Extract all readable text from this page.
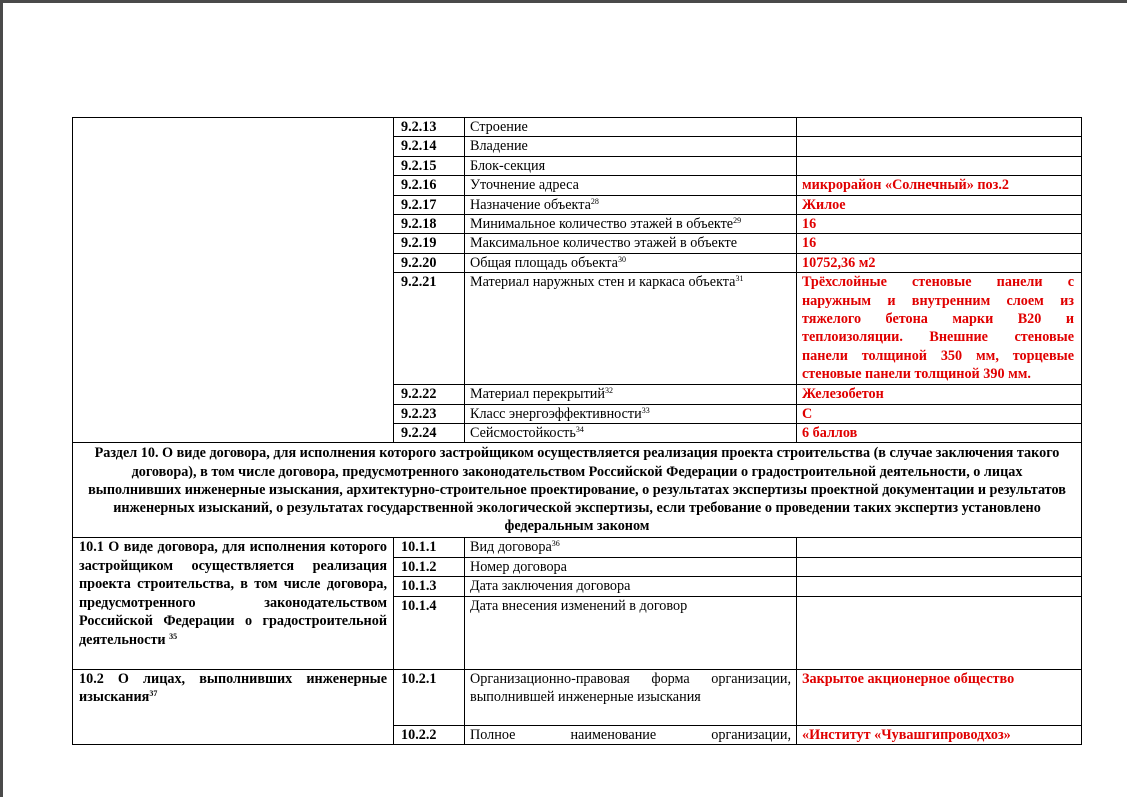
	9.2.13	Строение	
	9.2.14	Владение	
	9.2.15	Блок-секция	
	9.2.16	Уточнение адреса	микрорайон «Солнечный» поз.2
	9.2.17	Назначение объекта$^{28}$	Жилое
	9.2.18	Минимальное количество этажей в объекте$^{29}$	16
	9.2.19	Максимальное количество этажей в объекте	16
	9.2.20	Общая площадь объекта$^{30}$	10752,36 м2
	9.2.21	Материал наружных стен и каркаса объекта$^{31}$	Трёхслойные стеновые панели с наружным и внутренним слоем из тяжелого бетона марки В20 и теплоизоляции. Внешние стеновые панели толщиной 350 мм, торцевые стеновые панели толщиной 390 мм.
	9.2.22	Материал перекрытий$^{32}$	Железобетон
	9.2.23	Класс энергоэффективности$^{33}$	С
	9.2.24	Сейсмостойкость$^{34}$	6 баллов
Раздел 10. О виде договора, для исполнения которого застройщиком осуществляется реализация проекта строительства (в случае заключения такого договора), в том числе договора, предусмотренного законодательством Российской Федерации о градостроительной деятельности, о лицах выполнивших инженерные изыскания, архитектурно-строительное проектирование, о результатах экспертизы проектной документации и результатов инженерных изысканий, о результатах государственной экологической экспертизы, если требование о проведении таких экспертиз установлено федеральным законом			
10.1 О виде договора, для исполнения которого застройщиком осуществляется реализация проекта строительства, в том числе договора, предусмотренного законодательством Российской Федерации о градостроительной деятельности $^{35}$	10.1.1	Вид договора$^{36}$	
	10.1.2	Номер договора	
	10.1.3	Дата заключения договора	
	10.1.4	Дата внесения изменений в договор	
10.2 О лицах, выполнивших инженерные изыскания$^{37}$	10.2.1	Организационно-правовая форма организации, выполнившей инженерные изыскания	Закрытое акционерное общество
	10.2.2	Полное наименование организации,	«Институт «Чувашгипроводхоз»
